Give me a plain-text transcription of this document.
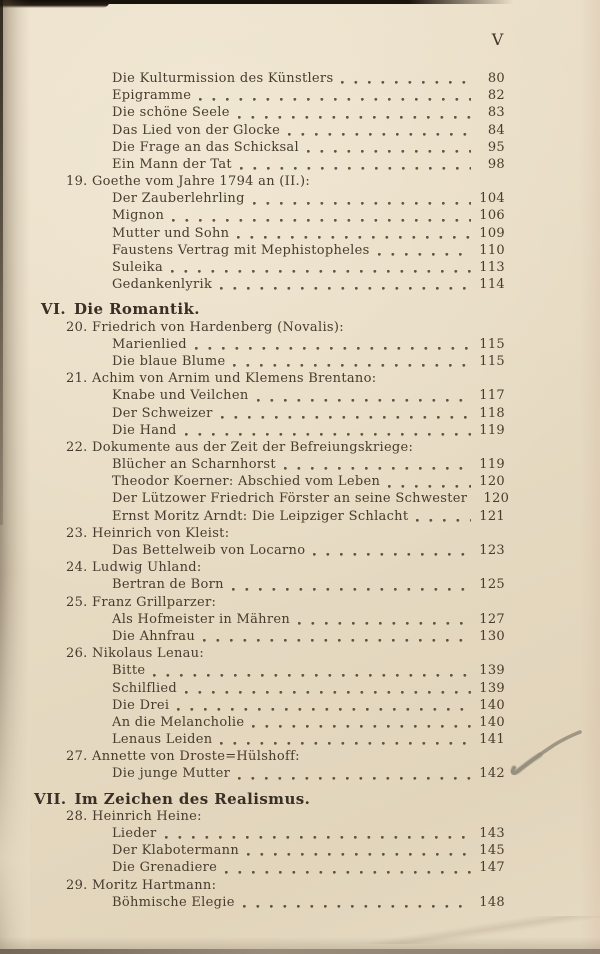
V
Die Kulturmission des Künstlers	80
Epigramme	82
Die schöne Seele	83
Das Lied von der Glocke	84
Die Frage an das Schicksal	95
Ein Mann der Tat	98
19. Goethe vom Jahre 1794 an (II.):
Der Zauberlehrling	104
Mignon	106
Mutter und Sohn	109
Faustens Vertrag mit Mephistopheles	110
Suleika	113
Gedankenlyrik	114
VI. Die Romantik.
20. Friedrich von Hardenberg (Novalis):
Marienlied	115
Die blaue Blume	115
21. Achim von Arnim und Klemens Brentano:
Knabe und Veilchen	117
Der Schweizer	118
Die Hand	119
22. Dokumente aus der Zeit der Befreiungskriege:
Blücher an Scharnhorst	119
Theodor Koerner: Abschied vom Leben	120
Der Lützower Friedrich Förster an seine Schwester	120
Ernst Moritz Arndt: Die Leipziger Schlacht	121
23. Heinrich von Kleist:
Das Bettelweib von Locarno	123
24. Ludwig Uhland:
Bertran de Born	125
25. Franz Grillparzer:
Als Hofmeister in Mähren	127
Die Ahnfrau	130
26. Nikolaus Lenau:
Bitte	139
Schilflied	139
Die Drei	140
An die Melancholie	140
Lenaus Leiden	141
27. Annette von Droste=Hülshoff:
Die junge Mutter	142
VII. Im Zeichen des Realismus.
28. Heinrich Heine:
Lieder	143
Der Klabotermann	145
Die Grenadiere	147
29. Moritz Hartmann:
Böhmische Elegie	148
